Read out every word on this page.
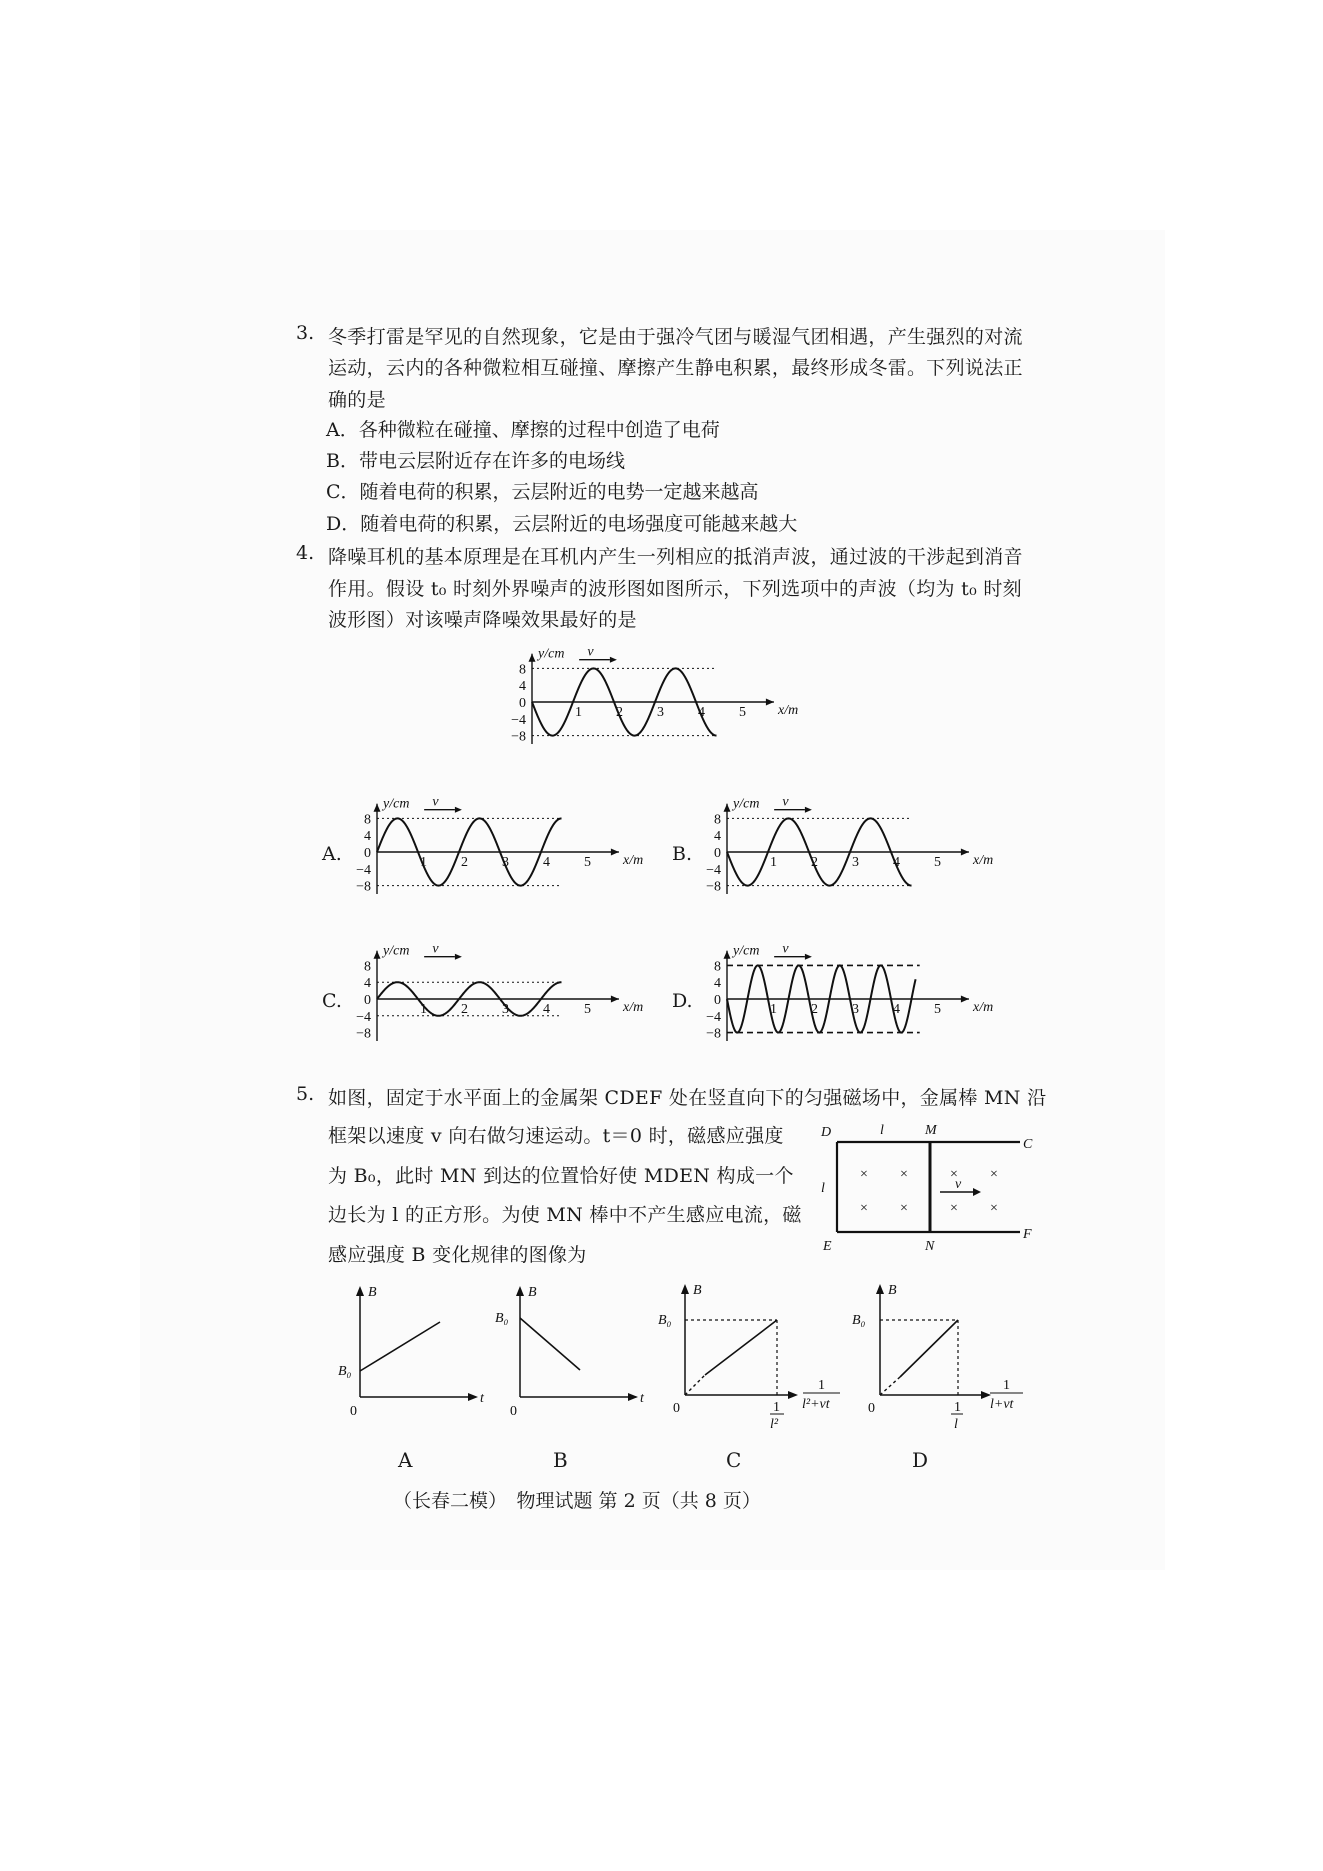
3. 冬季打雷是罕见的自然现象，它是由于强冷气团与暖湿气团相遇，产生强烈的对流
运动，云内的各种微粒相互碰撞、摩擦产生静电积累，最终形成冬雷。下列说法正
确的是
A．各种微粒在碰撞、摩擦的过程中创造了电荷
B．带电云层附近存在许多的电场线
C．随着电荷的积累，云层附近的电势一定越来越高
D．随着电荷的积累，云层附近的电场强度可能越来越大
4. 降噪耳机的基本原理是在耳机内产生一列相应的抵消声波，通过波的干涉起到消音
作用。假设 t₀ 时刻外界噪声的波形图如图所示，下列选项中的声波（均为 t₀ 时刻
波形图）对该噪声降噪效果最好的是
y/cm
x/m
v
8
4
0
−4
−8
1 2 3 4 5
A.
y/cm
x/m
v
8
4
0
−4
−8
1 2 3 4 5	B.
y/cm
x/m
v
8
4
0
−4
−8
1 2 3 4 5
C.
y/cm
x/m
v
8
4
0
−4
−8
1 2 3 4 5	D.
y/cm
x/m
v
8
4
0
−4
−8
1 2 3 4 5
5. 如图，固定于水平面上的金属架 CDEF 处在竖直向下的匀强磁场中，金属棒 MN 沿
框架以速度 v 向右做匀速运动。t＝0 时，磁感应强度
为 B₀，此时 MN 到达的位置恰好使 MDEN 构成一个
边长为 l 的正方形。为使 MN 棒中不产生感应电流，磁
感应强度 B 变化规律的图像为
D	l	M
C
l
E	N
F
× ×	× ×
× ×	× ×
v
B
B₀
0
t
A
B
B₀
0
t
B
B
B₀
0	1
l²
1
l²+vt
C
B
B₀
0	1
l
1
l+vt
D
（长春二模）　物理试题 第 2 页（共 8 页）
